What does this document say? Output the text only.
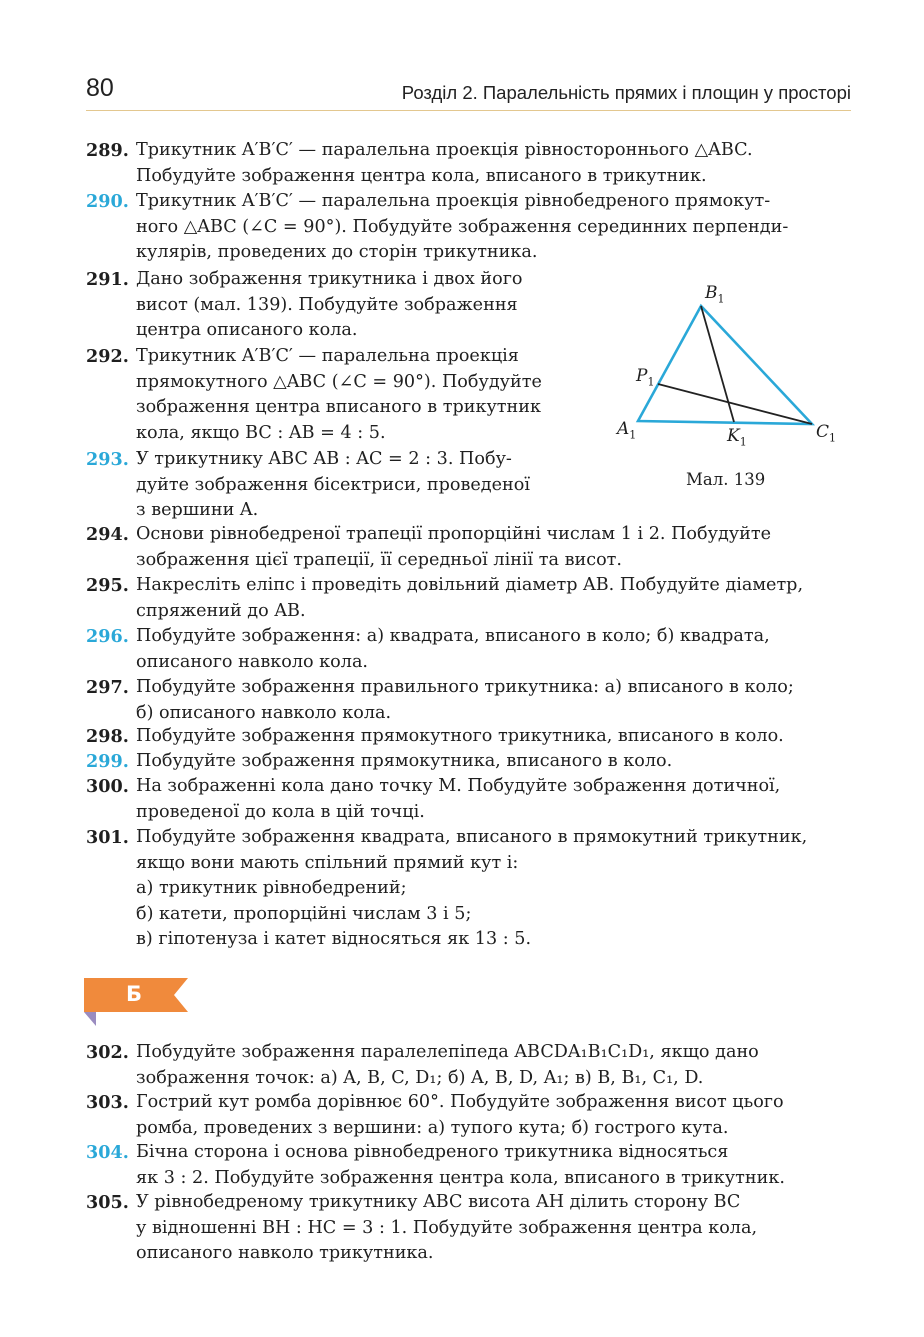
80	Розділ 2. Паралельність прямих і площин у просторі
289. Трикутник A′B′C′ — паралельна проекція рівностороннього △ABC.
Побудуйте зображення центра кола, вписаного в трикутник.
290. Трикутник A′B′C′ — паралельна проекція рівнобедреного прямокут-
ного △ABC (∠C = 90°). Побудуйте зображення серединних перпенди-
кулярів, проведених до сторін трикутника.
291. Дано зображення трикутника і двох його
висот (мал. 139). Побудуйте зображення
центра описаного кола.
292. Трикутник A′B′C′ — паралельна проекція
прямокутного △ABC (∠C = 90°). Побудуйте
зображення центра вписаного в трикутник
кола, якщо BC : AB = 4 : 5.
293. У трикутнику ABC AB : AC = 2 : 3. Побу-
дуйте зображення бісектриси, проведеної
з вершини A.
$B_1$
$P_1$
$A_1$	$K_1$	$C_1$
Мал. 139
294. Основи рівнобедреної трапеції пропорційні числам 1 і 2. Побудуйте
зображення цієї трапеції, її середньої лінії та висот.
295. Накресліть еліпс і проведіть довільний діаметр AB. Побудуйте діаметр,
спряжений до AB.
296. Побудуйте зображення: а) квадрата, вписаного в коло; б) квадрата,
описаного навколо кола.
297. Побудуйте зображення правильного трикутника: а) вписаного в коло;
б) описаного навколо кола.
298. Побудуйте зображення прямокутного трикутника, вписаного в коло.
299. Побудуйте зображення прямокутника, вписаного в коло.
300. На зображенні кола дано точку M. Побудуйте зображення дотичної,
проведеної до кола в цій точці.
301. Побудуйте зображення квадрата, вписаного в прямокутний трикутник,
якщо вони мають спільний прямий кут і:
а) трикутник рівнобедрений;
б) катети, пропорційні числам 3 і 5;
в) гіпотенуза і катет відносяться як 13 : 5.
Б
302. Побудуйте зображення паралелепіпеда ABCDA₁B₁C₁D₁, якщо дано
зображення точок: а) A, B, C, D₁; б) A, B, D, A₁; в) B, B₁, C₁, D.
303. Гострий кут ромба дорівнює 60°. Побудуйте зображення висот цього
ромба, проведених з вершини: а) тупого кута; б) гострого кута.
304. Бічна сторона і основа рівнобедреного трикутника відносяться
як 3 : 2. Побудуйте зображення центра кола, вписаного в трикутник.
305. У рівнобедреному трикутнику ABC висота AH ділить сторону BC
у відношенні BH : HC = 3 : 1. Побудуйте зображення центра кола,
описаного навколо трикутника.
